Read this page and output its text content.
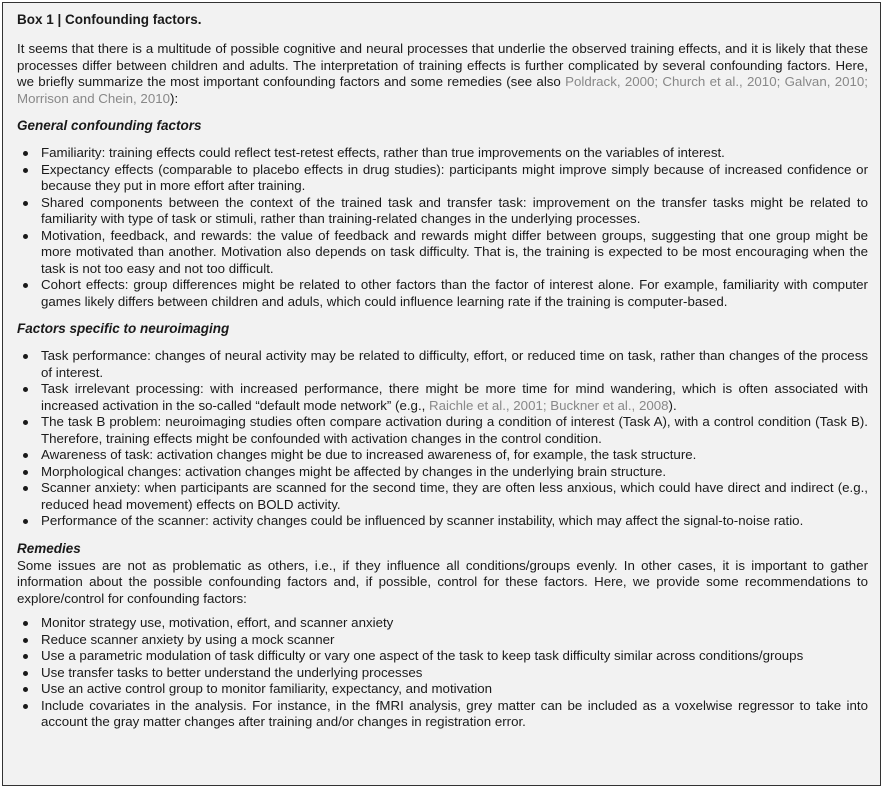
Box 1 | Confounding factors.

It seems that there is a multitude of possible cognitive and neural processes that underlie the observed training effects, and it is likely that these processes differ between children and adults. The interpretation of training effects is further complicated by several confounding factors. Here, we briefly summarize the most important confounding factors and some remedies (see also Poldrack, 2000; Church et al., 2010; Galvan, 2010; Morrison and Chein, 2010):

General confounding factors
Familiarity: training effects could reflect test-retest effects, rather than true improvements on the variables of interest.
Expectancy effects (comparable to placebo effects in drug studies): participants might improve simply because of increased confidence or because they put in more effort after training.
Shared components between the context of the trained task and transfer task: improvement on the transfer tasks might be related to familiarity with type of task or stimuli, rather than training-related changes in the underlying processes.
Motivation, feedback, and rewards: the value of feedback and rewards might differ between groups, suggesting that one group might be more motivated than another. Motivation also depends on task difficulty. That is, the training is expected to be most encouraging when the task is not too easy and not too difficult.
Cohort effects: group differences might be related to other factors than the factor of interest alone. For example, familiarity with computer games likely differs between children and aduls, which could influence learning rate if the training is computer-based.
Factors specific to neuroimaging
Task performance: changes of neural activity may be related to difficulty, effort, or reduced time on task, rather than changes of the process of interest.
Task irrelevant processing: with increased performance, there might be more time for mind wandering, which is often associated with increased activation in the so-called “default mode network” (e.g., Raichle et al., 2001; Buckner et al., 2008).
The task B problem: neuroimaging studies often compare activation during a condition of interest (Task A), with a control condition (Task B). Therefore, training effects might be confounded with activation changes in the control condition.
Awareness of task: activation changes might be due to increased awareness of, for example, the task structure.
Morphological changes: activation changes might be affected by changes in the underlying brain structure.
Scanner anxiety: when participants are scanned for the second time, they are often less anxious, which could have direct and indirect (e.g., reduced head movement) effects on BOLD activity.
Performance of the scanner: activity changes could be influenced by scanner instability, which may affect the signal-to-noise ratio.
Remedies

Some issues are not as problematic as others, i.e., if they influence all conditions/groups evenly. In other cases, it is important to gather information about the possible confounding factors and, if possible, control for these factors. Here, we provide some recommendations to explore/control for confounding factors:

Monitor strategy use, motivation, effort, and scanner anxiety
Reduce scanner anxiety by using a mock scanner
Use a parametric modulation of task difficulty or vary one aspect of the task to keep task difficulty similar across conditions/groups
Use transfer tasks to better understand the underlying processes
Use an active control group to monitor familiarity, expectancy, and motivation
Include covariates in the analysis. For instance, in the fMRI analysis, grey matter can be included as a voxelwise regressor to take into account the gray matter changes after training and/or changes in registration error.
